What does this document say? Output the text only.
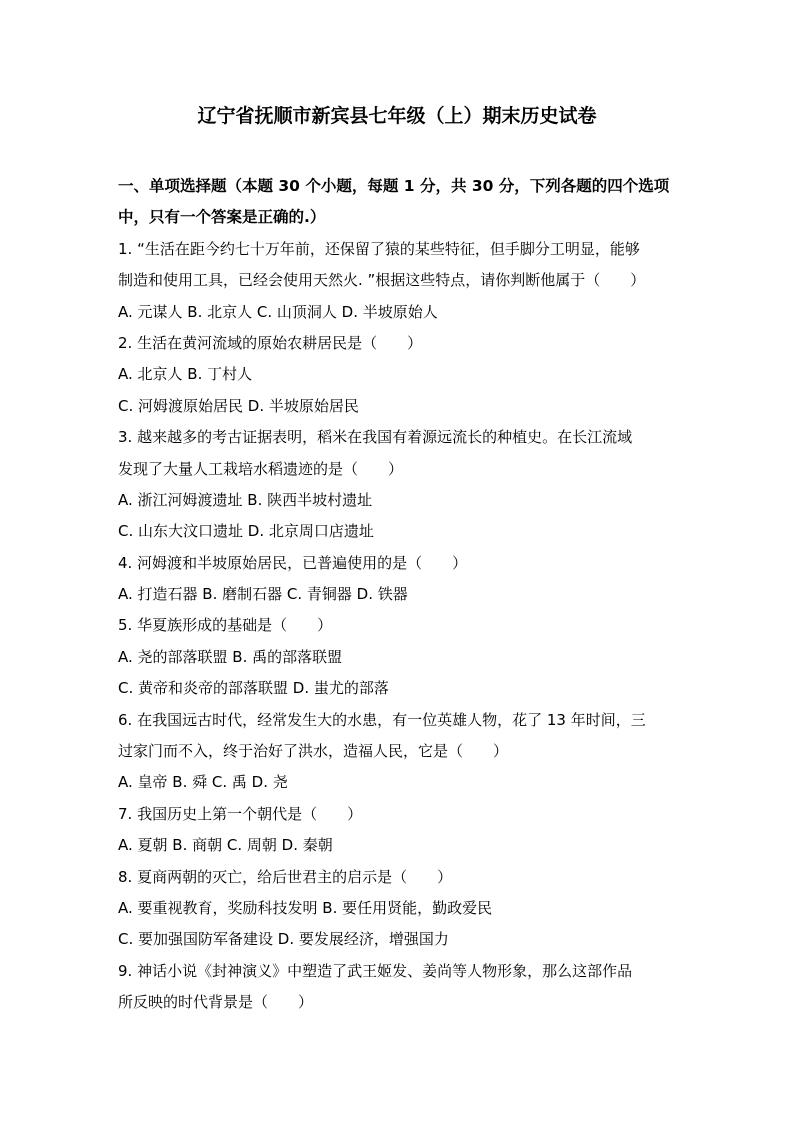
辽宁省抚顺市新宾县七年级（上）期末历史试卷
一、单项选择题（本题 30 个小题，每题 1 分，共 30 分，下列各题的四个选项
中，只有一个答案是正确的.）
1. “生活在距今约七十万年前，还保留了猿的某些特征，但手脚分工明显，能够
制造和使用工具，已经会使用天然火. ”根据这些特点，请你判断他属于（　　）
A. 元谋人 B. 北京人 C. 山顶洞人 D. 半坡原始人
2. 生活在黄河流域的原始农耕居民是（　　）
A. 北京人 B. 丁村人
C. 河姆渡原始居民 D. 半坡原始居民
3. 越来越多的考古证据表明，稻米在我国有着源远流长的种植史。在长江流域
发现了大量人工栽培水稻遗迹的是（　　）
A. 浙江河姆渡遗址 B. 陕西半坡村遗址
C. 山东大汶口遗址 D. 北京周口店遗址
4. 河姆渡和半坡原始居民，已普遍使用的是（　　）
A. 打造石器 B. 磨制石器 C. 青铜器 D. 铁器
5. 华夏族形成的基础是（　　）
A. 尧的部落联盟 B. 禹的部落联盟
C. 黄帝和炎帝的部落联盟 D. 蚩尤的部落
6. 在我国远古时代，经常发生大的水患，有一位英雄人物，花了 13 年时间，三
过家门而不入，终于治好了洪水，造福人民，它是（　　）
A. 皇帝 B. 舜 C. 禹 D. 尧
7. 我国历史上第一个朝代是（　　）
A. 夏朝 B. 商朝 C. 周朝 D. 秦朝
8. 夏商两朝的灭亡，给后世君主的启示是（　　）
A. 要重视教育，奖励科技发明 B. 要任用贤能，勤政爱民
C. 要加强国防军备建设 D. 要发展经济，增强国力
9. 神话小说《封神演义》中塑造了武王姬发、姜尚等人物形象，那么这部作品
所反映的时代背景是（　　）
